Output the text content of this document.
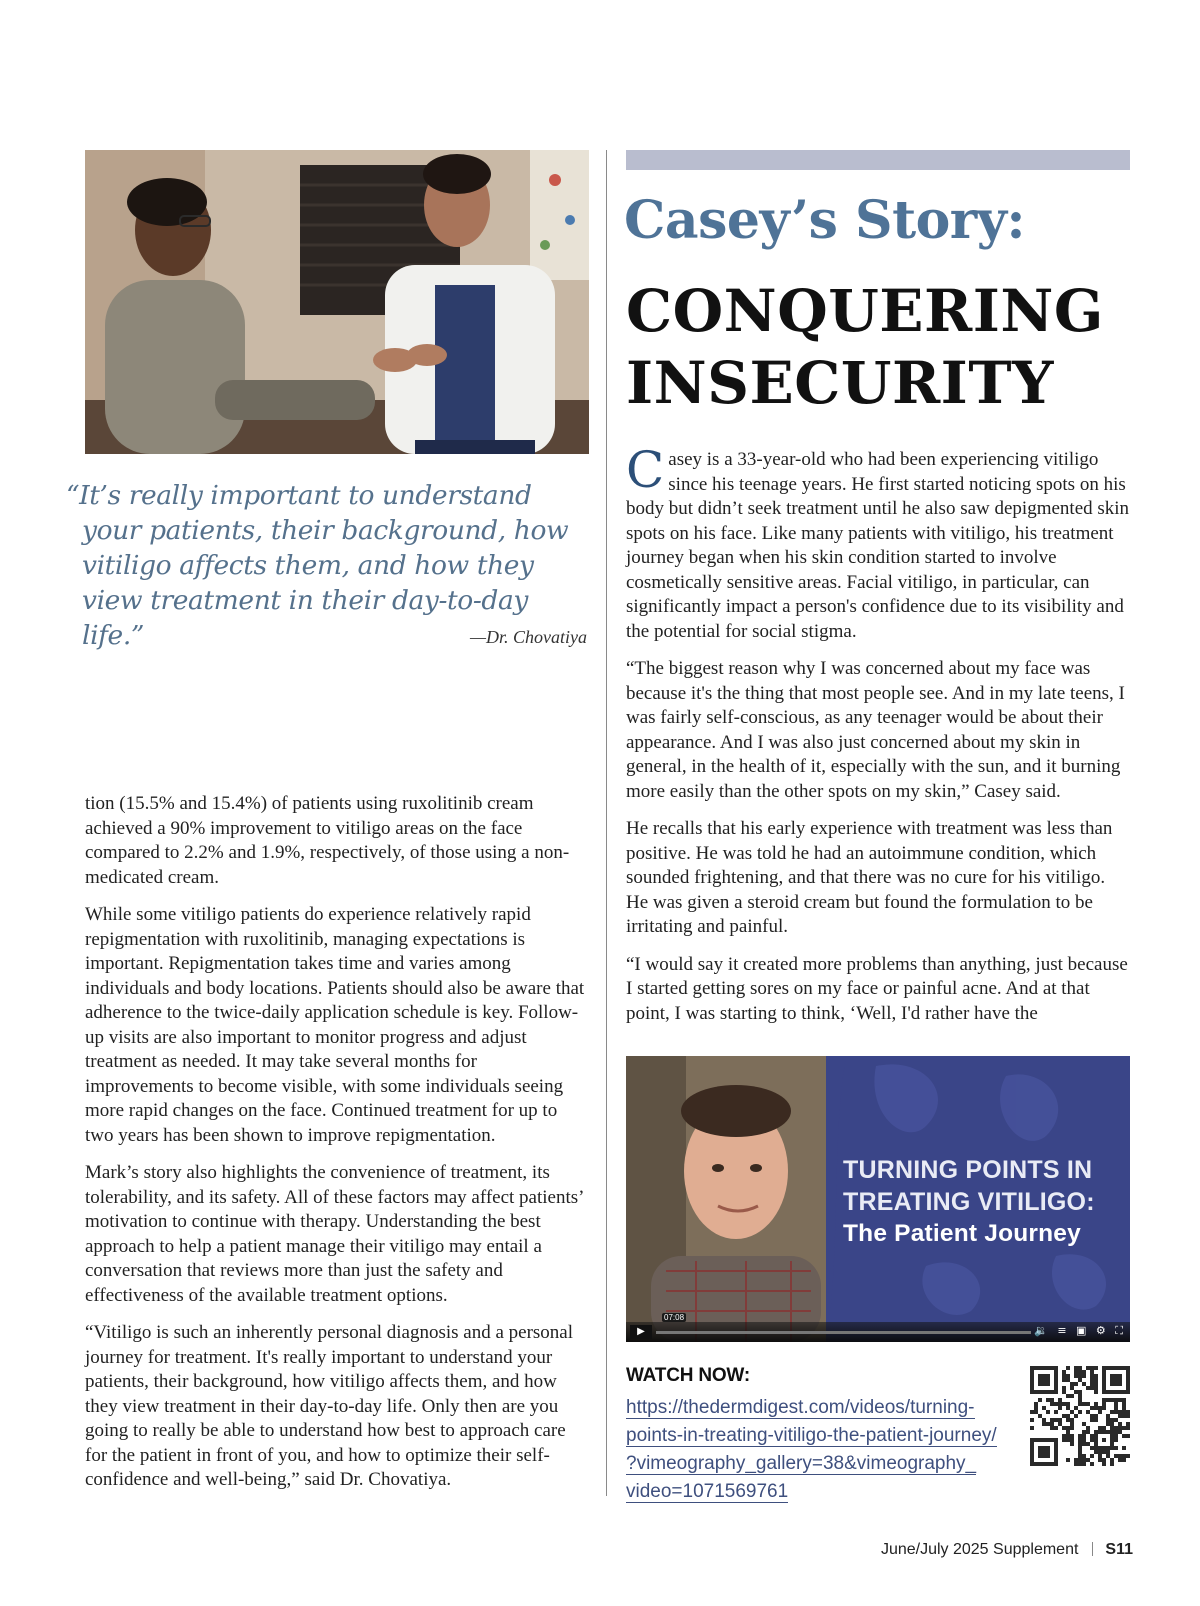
“It’s really important to understand your patients, their background, how vitiligo affects them, and how they view treatment in their day-to-day life.”	—Dr. Chovatiya

tion (15.5% and 15.4%) of patients using ruxolitinib cream achieved a 90% improvement to vitiligo areas on the face compared to 2.2% and 1.9%, respectively, of those using a non-medicated cream.

While some vitiligo patients do experience relatively rapid repigmentation with ruxolitinib, managing expectations is important. Repigmentation takes time and varies among individuals and body locations. Patients should also be aware that adherence to the twice-daily application schedule is key. Follow-up visits are also important to monitor progress and adjust treatment as needed. It may take several months for improvements to become visible, with some individuals seeing more rapid changes on the face. Continued treatment for up to two years has been shown to improve repigmentation.

Mark’s story also highlights the convenience of treatment, its tolerability, and its safety. All of these factors may affect patients’ motivation to continue with therapy. Understanding the best approach to help a patient manage their vitiligo may entail a conversation that reviews more than just the safety and effectiveness of the available treatment options.

“Vitiligo is such an inherently personal diagnosis and a personal journey for treatment. It's really important to understand your patients, their background, how vitiligo affects them, and how they view treatment in their day-to-day life. Only then are you going to really be able to understand how best to approach care for the patient in front of you, and how to optimize their self-confidence and well-being,” said Dr. Chovatiya.

Casey’s Story:
CONQUERING
INSECURITY

Casey is a 33-year-old who had been experiencing vitiligo since his teenage years. He first started noticing spots on his body but didn’t seek treatment until he also saw depigmented skin spots on his face. Like many patients with vitiligo, his treatment journey began when his skin condition started to involve cosmetically sensitive areas. Facial vitiligo, in particular, can significantly impact a person's confidence due to its visibility and the potential for social stigma.

“The biggest reason why I was concerned about my face was because it's the thing that most people see. And in my late teens, I was fairly self-conscious, as any teenager would be about their appearance. And I was also just concerned about my skin in general, in the health of it, especially with the sun, and it burning more easily than the other spots on my skin,” Casey said.

He recalls that his early experience with treatment was less than positive. He was told he had an autoimmune condition, which sounded frightening, and that there was no cure for his vitiligo. He was given a steroid cream but found the formulation to be irritating and painful.

“I would say it created more problems than anything, just because I started getting sores on my face or painful acne. And at that point, I was starting to think, ‘Well, I'd rather have the

TURNING POINTS IN
TREATING VITILIGO:
The Patient Journey
07:08
▶	🔉 ≡ ▣ ⚙ ⛶
WATCH NOW:
https://thedermdigest.com/videos/turning-
points-in-treating-vitiligo-the-patient-journey/
?vimeography_gallery=38&vimeography_
video=1071569761
June/July 2025 Supplement S11
